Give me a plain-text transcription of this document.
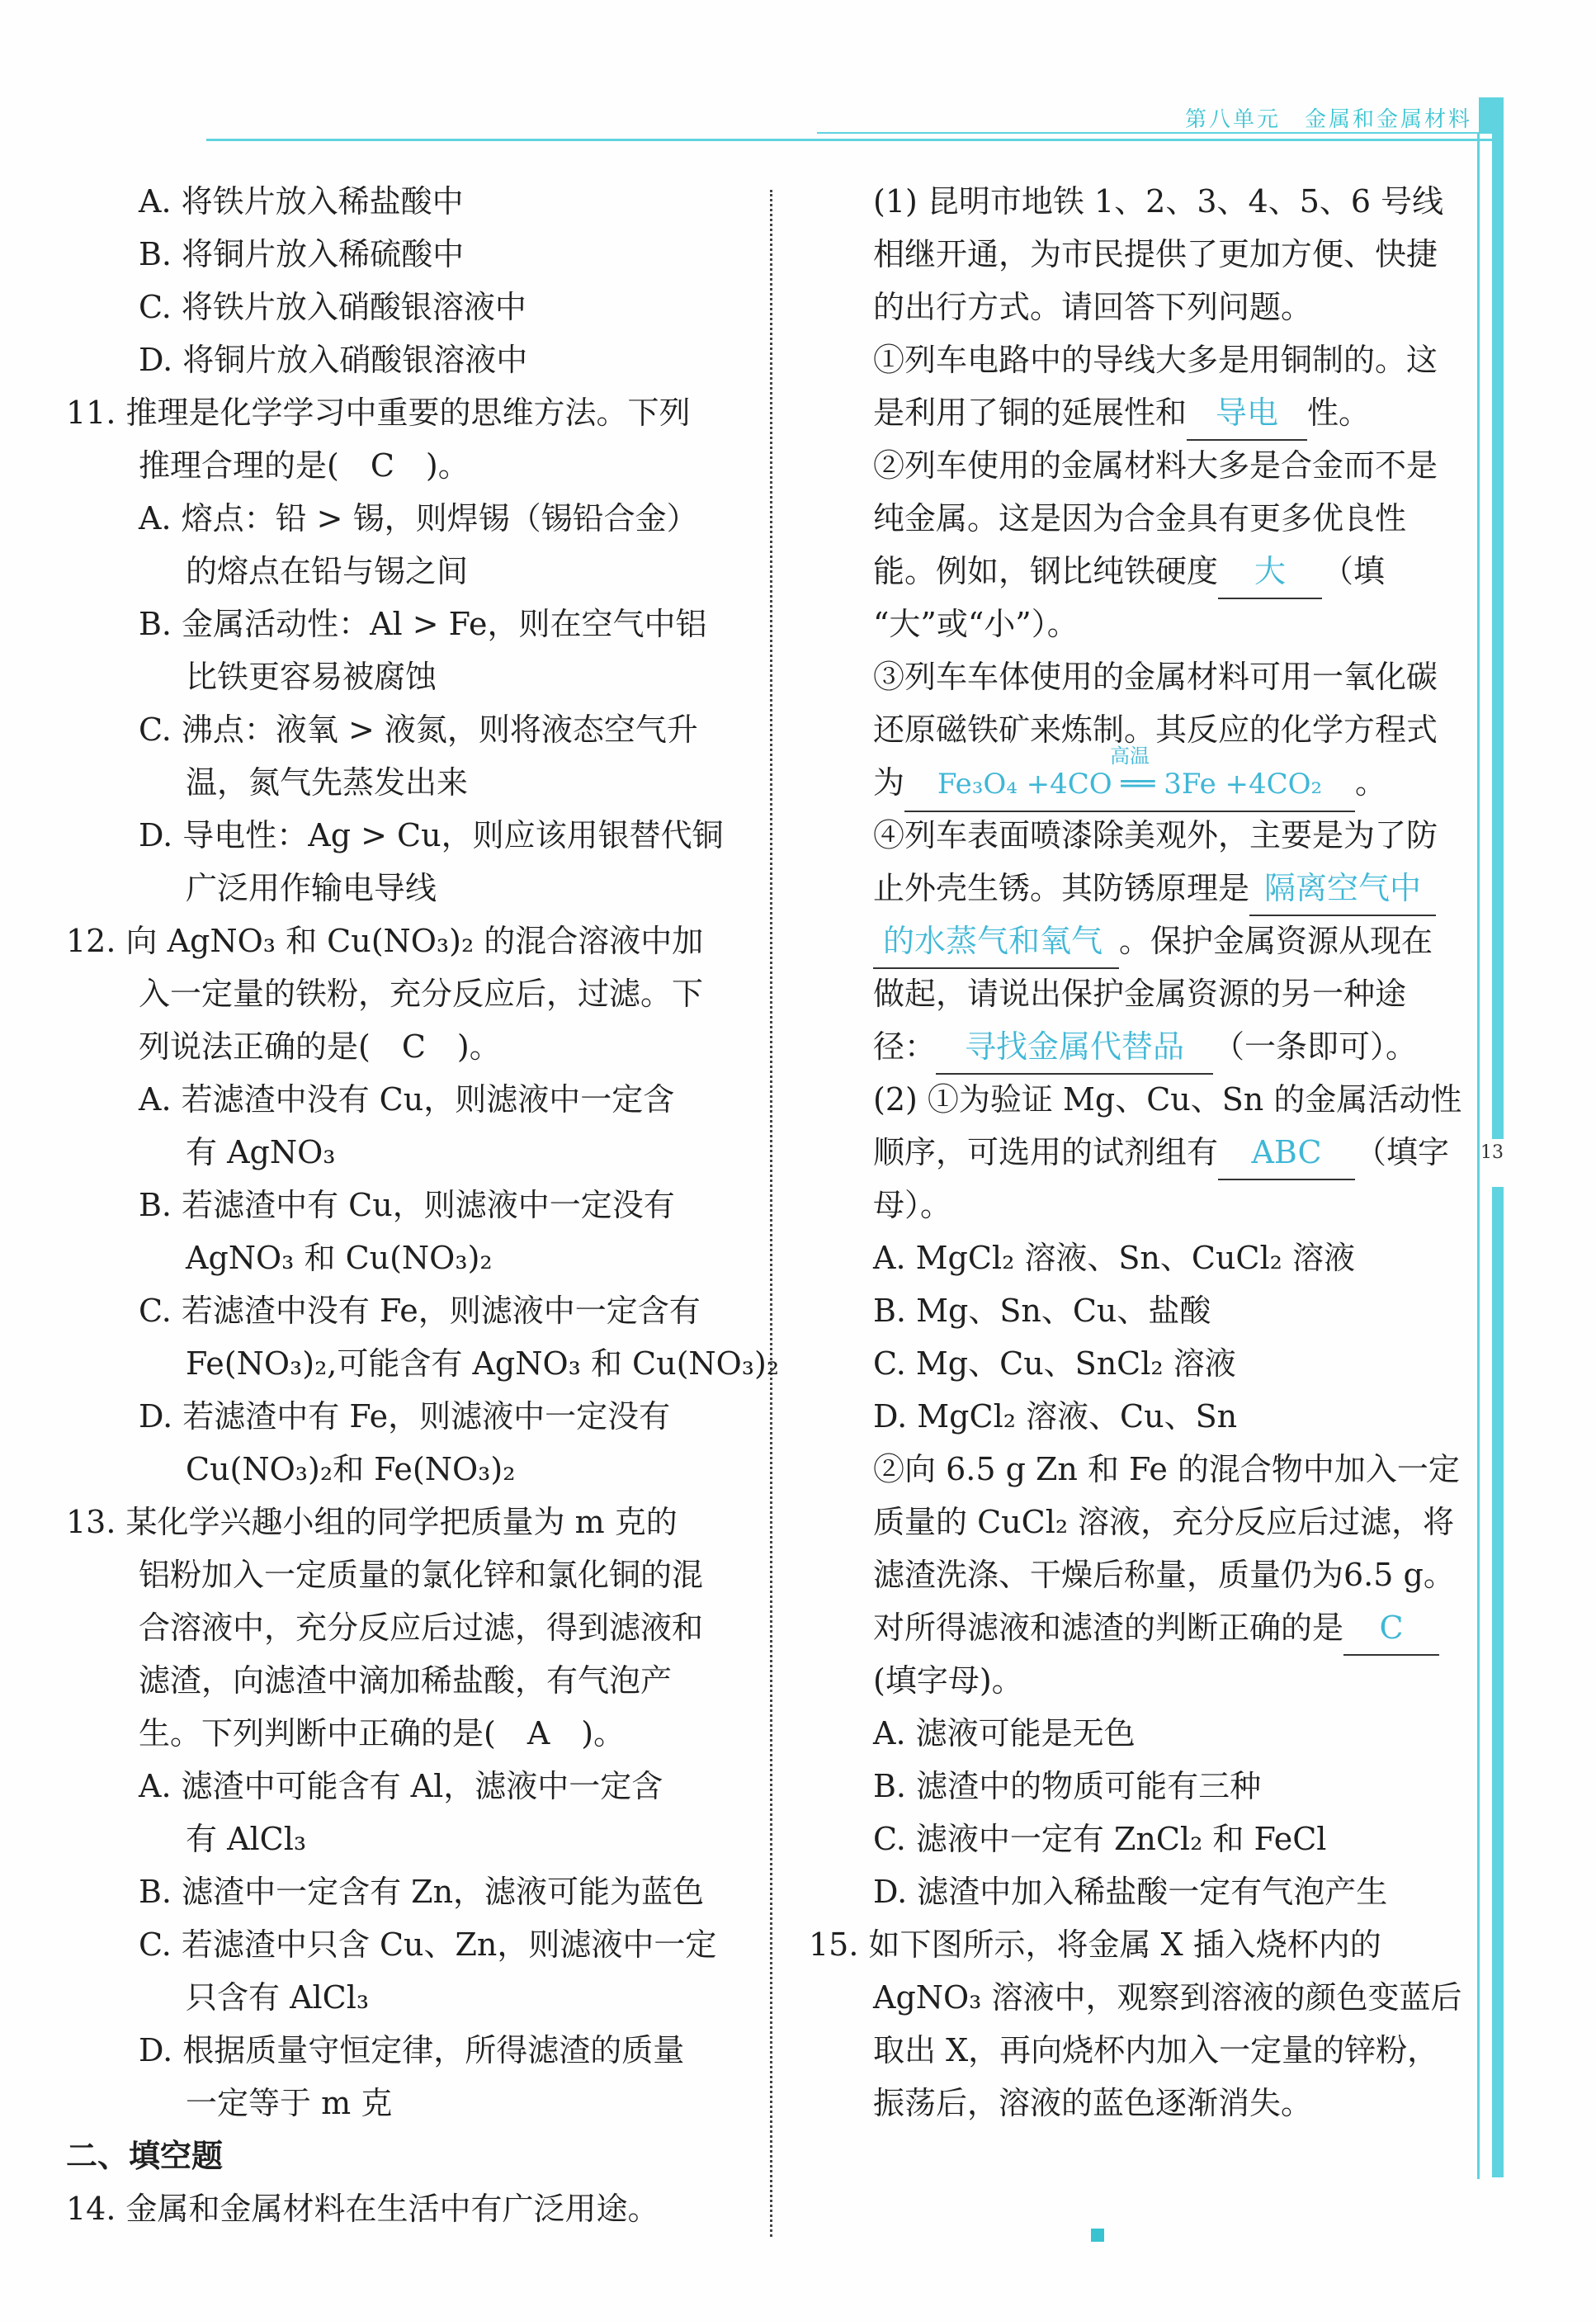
第八单元　金属和金属材料
13
A. 将铁片放入稀盐酸中
B. 将铜片放入稀硫酸中
C. 将铁片放入硝酸银溶液中
D. 将铜片放入硝酸银溶液中
11. 推理是化学学习中重要的思维方法。下列
推理合理的是(　C　)。
A. 熔点：铅 > 锡，则焊锡（锡铅合金）
的熔点在铅与锡之间
B. 金属活动性：Al > Fe，则在空气中铝
比铁更容易被腐蚀
C. 沸点：液氧 > 液氮，则将液态空气升
温，氮气先蒸发出来
D. 导电性：Ag > Cu，则应该用银替代铜
广泛用作输电导线
12. 向 AgNO₃ 和 Cu(NO₃)₂ 的混合溶液中加
入一定量的铁粉，充分反应后，过滤。下
列说法正确的是(　C　)。
A. 若滤渣中没有 Cu，则滤液中一定含
有 AgNO₃
B. 若滤渣中有 Cu，则滤液中一定没有
AgNO₃ 和 Cu(NO₃)₂
C. 若滤渣中没有 Fe，则滤液中一定含有
Fe(NO₃)₂,可能含有 AgNO₃ 和 Cu(NO₃)₂
D. 若滤渣中有 Fe，则滤液中一定没有
Cu(NO₃)₂和 Fe(NO₃)₂
13. 某化学兴趣小组的同学把质量为 m 克的
铝粉加入一定质量的氯化锌和氯化铜的混
合溶液中，充分反应后过滤，得到滤液和
滤渣，向滤渣中滴加稀盐酸，有气泡产
生。下列判断中正确的是(　A　)。
A. 滤渣中可能含有 Al，滤液中一定含
有 AlCl₃
B. 滤渣中一定含有 Zn，滤液可能为蓝色
C. 若滤渣中只含 Cu、Zn，则滤液中一定
只含有 AlCl₃
D. 根据质量守恒定律，所得滤渣的质量
一定等于 m 克
二、填空题
14. 金属和金属材料在生活中有广泛用途。
(1) 昆明市地铁 1、2、3、4、5、6 号线
相继开通，为市民提供了更加方便、快捷
的出行方式。请回答下列问题。
①列车电路中的导线大多是用铜制的。这
是利用了铜的延展性和 导电 性。
②列车使用的金属材料大多是合金而不是
纯金属。这是因为合金具有更多优良性
能。例如，钢比纯铁硬度 大 （填
“大”或“小”）。
③列车车体使用的金属材料可用一氧化碳
还原磁铁矿来炼制。其反应的化学方程式
为
高温
Fe₃O₄ +4CO ══ 3Fe +4CO₂ 。
④列车表面喷漆除美观外，主要是为了防
止外壳生锈。其防锈原理是 隔离空气中
的水蒸气和氧气 。保护金属资源从现在
做起，请说出保护金属资源的另一种途
径： 寻找金属代替品 （一条即可）。
(2) ①为验证 Mg、Cu、Sn 的金属活动性
顺序，可选用的试剂组有 ABC （填字
母）。
A. MgCl₂ 溶液、Sn、CuCl₂ 溶液
B. Mg、Sn、Cu、盐酸
C. Mg、Cu、SnCl₂ 溶液
D. MgCl₂ 溶液、Cu、Sn
②向 6.5 g Zn 和 Fe 的混合物中加入一定
质量的 CuCl₂ 溶液，充分反应后过滤，将
滤渣洗涤、干燥后称量，质量仍为6.5 g。
对所得滤液和滤渣的判断正确的是 C
(填字母)。
A. 滤液可能是无色
B. 滤渣中的物质可能有三种
C. 滤液中一定有 ZnCl₂ 和 FeCl
D. 滤渣中加入稀盐酸一定有气泡产生
15. 如下图所示，将金属 X 插入烧杯内的
AgNO₃ 溶液中，观察到溶液的颜色变蓝后
取出 X，再向烧杯内加入一定量的锌粉，
振荡后，溶液的蓝色逐渐消失。
